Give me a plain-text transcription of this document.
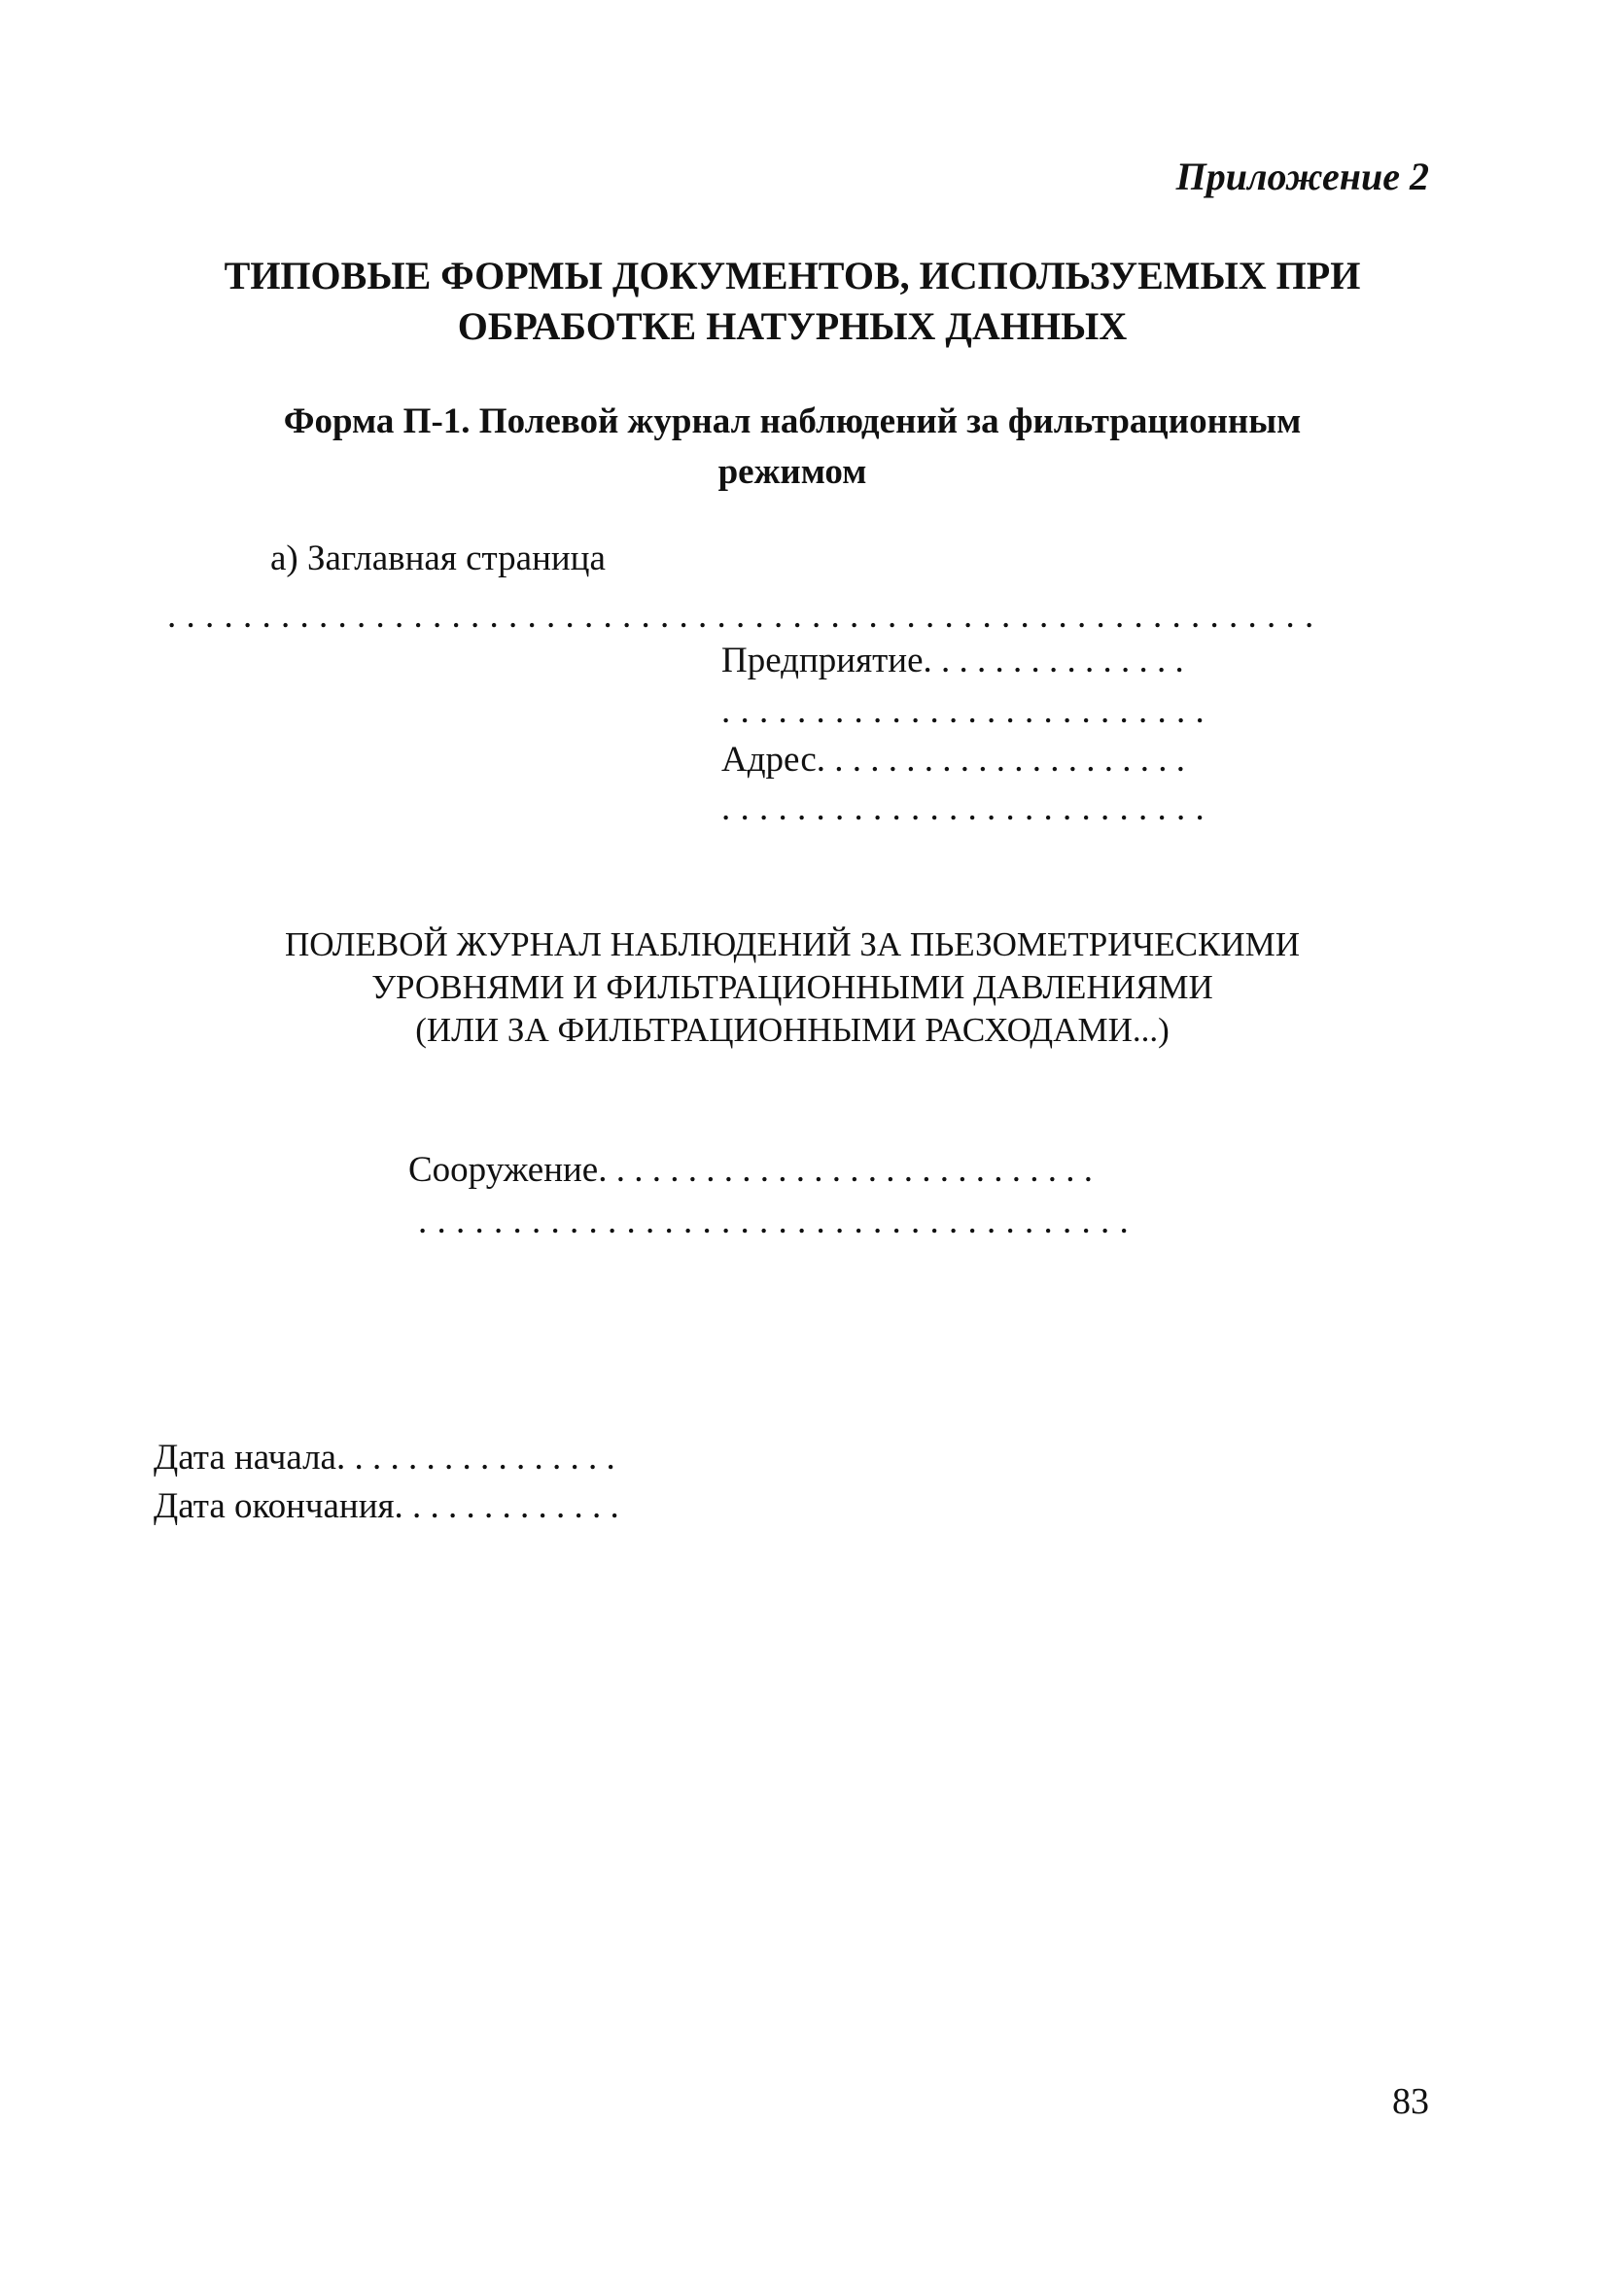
Приложение 2
ТИПОВЫЕ ФОРМЫ ДОКУМЕНТОВ, ИСПОЛЬЗУЕМЫХ ПРИ
ОБРАБОТКЕ НАТУРНЫХ ДАННЫХ
Форма П-1. Полевой журнал наблюдений за фильтрационным
режимом
а) Заглавная страница
. . . . . . . . . . . . . . . . . . . . . . . . . . . . . . . . . . . . . . . . . . . . . . . . . . . . . . . . . . . . .
Предприятие. . . . . . . . . . . . . . .
. . . . . . . . . . . . . . . . . . . . . . . . . .
Адрес. . . . . . . . . . . . . . . . . . . . .
. . . . . . . . . . . . . . . . . . . . . . . . . .
ПОЛЕВОЙ ЖУРНАЛ НАБЛЮДЕНИЙ ЗА ПЬЕЗОМЕТРИЧЕСКИМИ
УРОВНЯМИ И ФИЛЬТРАЦИОННЫМИ ДАВЛЕНИЯМИ
(ИЛИ ЗА ФИЛЬТРАЦИОННЫМИ РАСХОДАМИ...)
Сооружение. . . . . . . . . . . . . . . . . . . . . . . . . . . .
. . . . . . . . . . . . . . . . . . . . . . . . . . . . . . . . . . . . . .
Дата начала. . . . . . . . . . . . . . . .
Дата окончания. . . . . . . . . . . . .
83
